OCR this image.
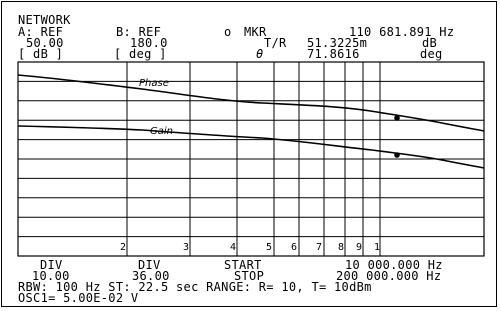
NETWORK
A: REF	B: REF	o MKR	110 681.891 Hz
50.00	180.0	T/R 51.3225m	dB
[ dB ]	[ deg ]	θ	71.8616	deg
Phase
Gain
2	3	4	5 6 7 8 9 1
DIV	DIV	START	10 000.000 Hz
10.00	36.00	STOP	200 000.000 Hz
RBW: 100 Hz ST: 22.5 sec RANGE: R= 10, T= 10dBm
OSC1= 5.00E-02 V
